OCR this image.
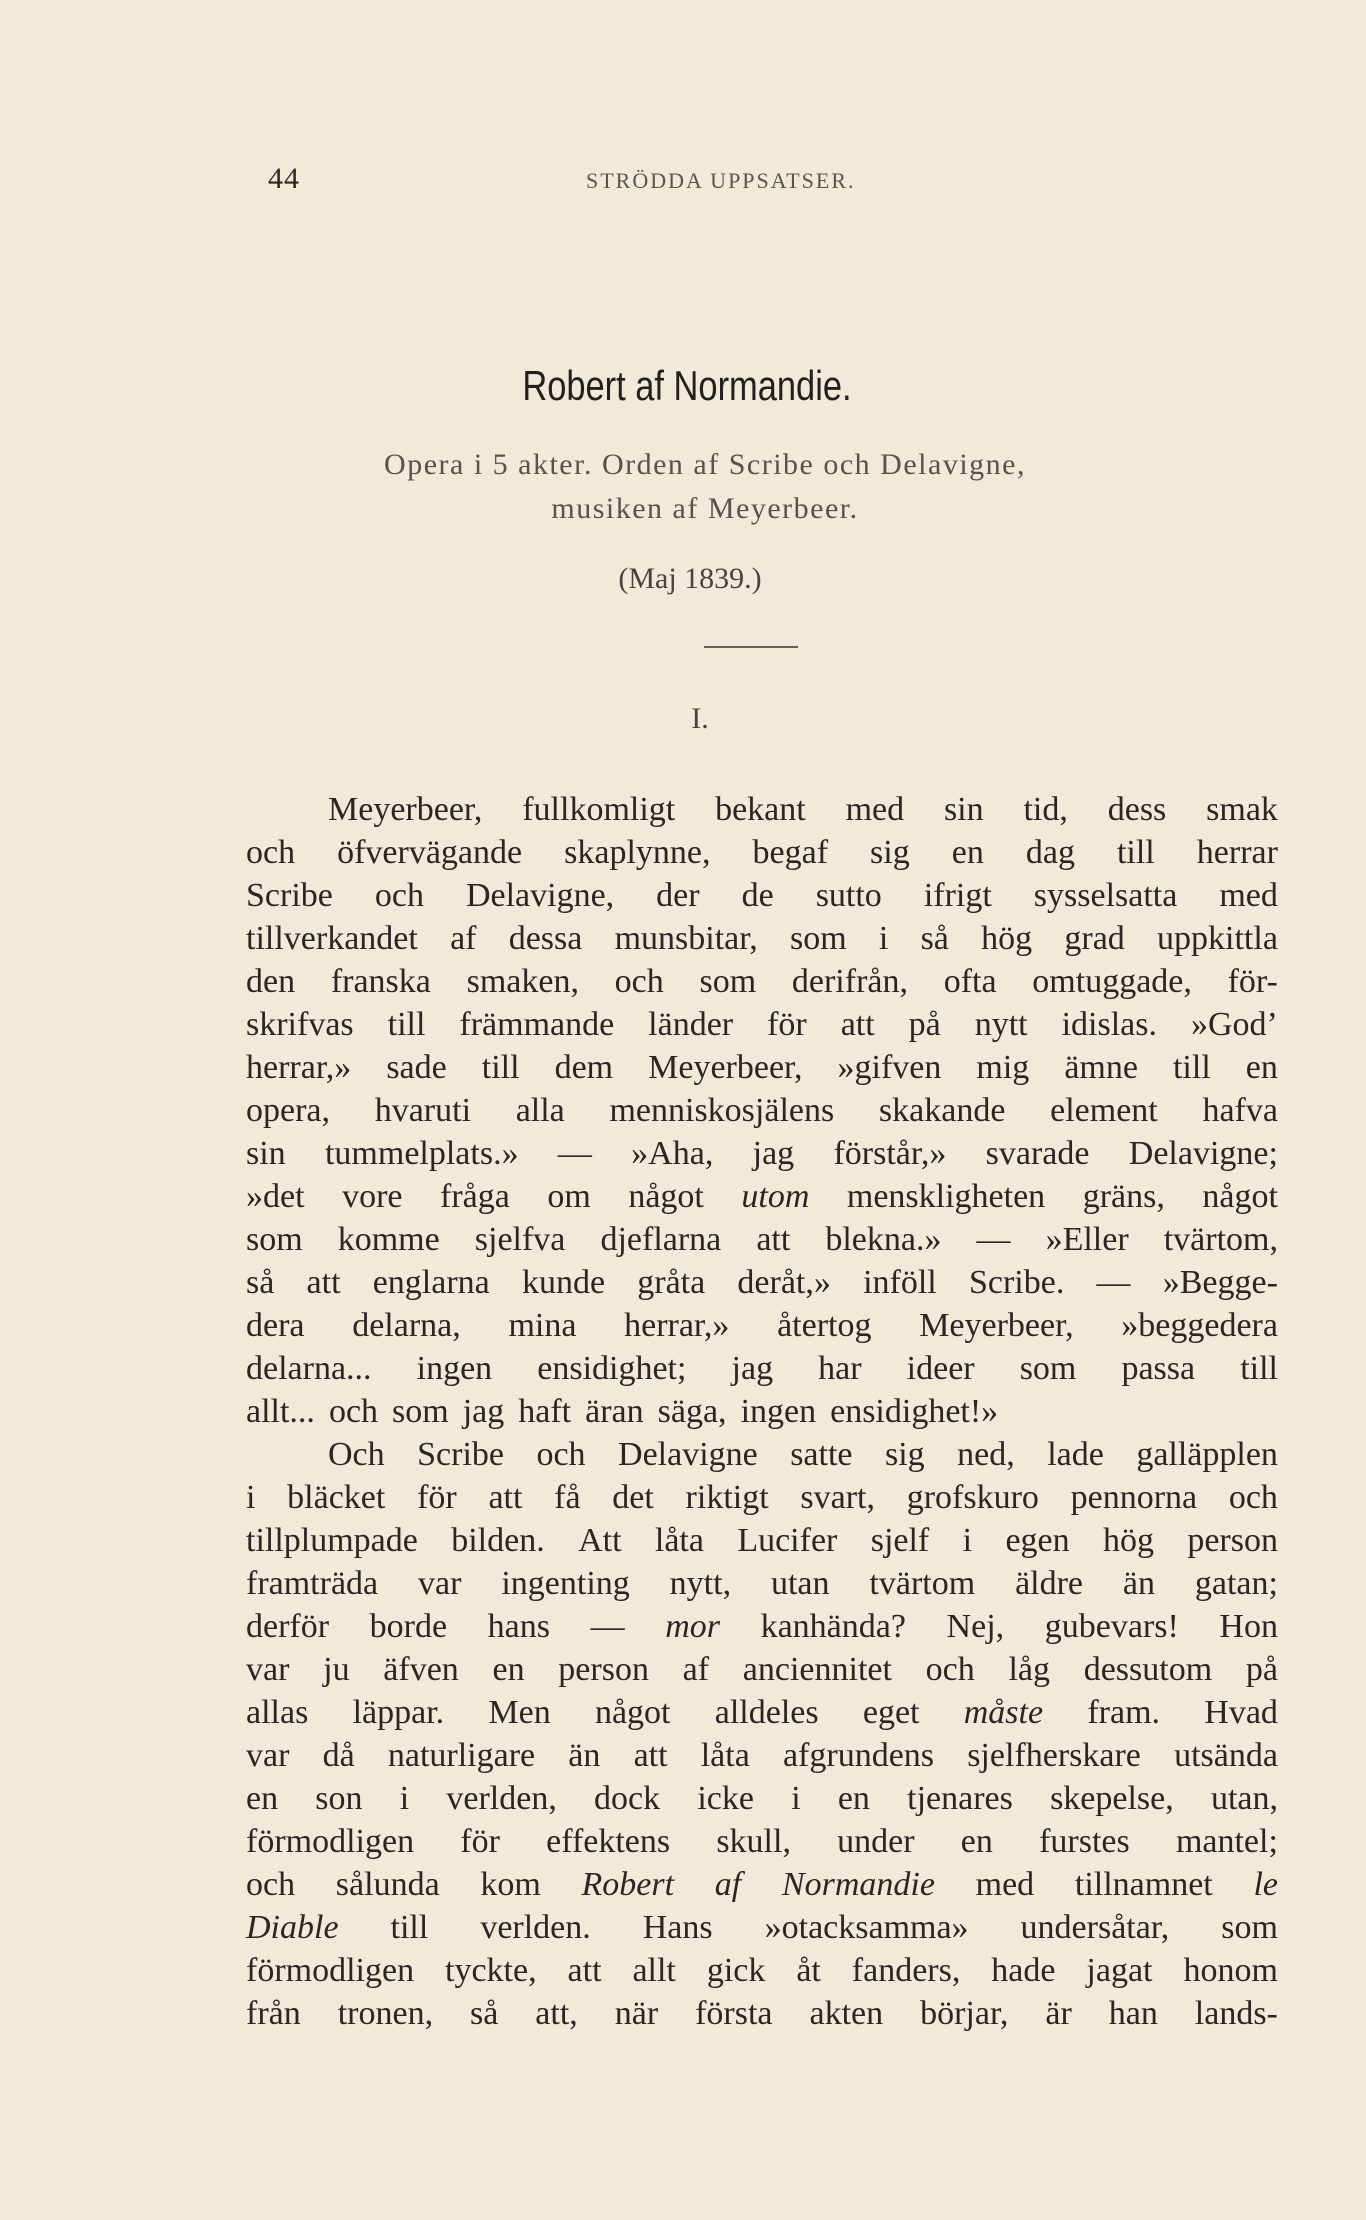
44	STRÖDDA UPPSATSER.
Robert af Normandie.
Opera i 5 akter. Orden af Scribe och Delavigne,
musiken af Meyerbeer.
(Maj 1839.)
I.
Meyerbeer, fullkomligt bekant med sin tid, dess smak
och öfvervägande skaplynne, begaf sig en dag till herrar
Scribe och Delavigne, der de sutto ifrigt sysselsatta med
tillverkandet af dessa munsbitar, som i så hög grad uppkittla
den franska smaken, och som derifrån, ofta omtuggade, för-
skrifvas till främmande länder för att på nytt idislas. »God’
herrar,» sade till dem Meyerbeer, »gifven mig ämne till en
opera, hvaruti alla menniskosjälens skakande element hafva
sin tummelplats.» — »Aha, jag förstår,» svarade Delavigne;
»det vore fråga om något utom menskligheten gräns, något
som komme sjelfva djeflarna att blekna.» — »Eller tvärtom,
så att englarna kunde gråta deråt,» inföll Scribe. — »Begge-
dera delarna, mina herrar,» återtog Meyerbeer, »beggedera
delarna... ingen ensidighet; jag har ideer som passa till
allt... och som jag haft äran säga, ingen ensidighet!»
Och Scribe och Delavigne satte sig ned, lade galläpplen
i bläcket för att få det riktigt svart, grofskuro pennorna och
tillplumpade bilden. Att låta Lucifer sjelf i egen hög person
framträda var ingenting nytt, utan tvärtom äldre än gatan;
derför borde hans — mor kanhända? Nej, gubevars! Hon
var ju äfven en person af anciennitet och låg dessutom på
allas läppar. Men något alldeles eget måste fram. Hvad
var då naturligare än att låta afgrundens sjelfherskare utsända
en son i verlden, dock icke i en tjenares skepelse, utan,
förmodligen för effektens skull, under en furstes mantel;
och sålunda kom Robert af Normandie med tillnamnet le
Diable till verlden. Hans »otacksamma» undersåtar, som
förmodligen tyckte, att allt gick åt fanders, hade jagat honom
från tronen, så att, när första akten börjar, är han lands-
